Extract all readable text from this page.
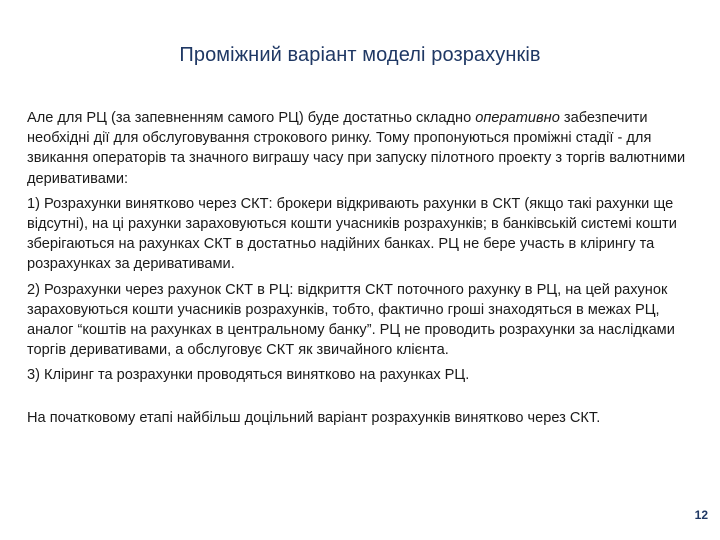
Проміжний варіант моделі розрахунків

Але для РЦ (за запевненням самого РЦ) буде достатньо складно оперативно забезпечити необхідні дії для обслуговування строкового ринку. Тому пропонуються проміжні стадії - для звикання операторів та значного виграшу часу при запуску пілотного проекту з торгів валютними деривативами:

1) Розрахунки винятково через СКТ: брокери відкривають рахунки в СКТ (якщо такі рахунки ще відсутні), на ці рахунки зараховуються кошти учасників розрахунків; в банківській системі кошти зберігаються на рахунках СКТ в достатньо надійних банках. РЦ не бере участь в клірингу та розрахунках за деривативами.

2) Розрахунки через рахунок СКТ в РЦ: відкриття СКТ поточного рахунку в РЦ, на цей рахунок зараховуються кошти учасників розрахунків, тобто, фактично гроші знаходяться в межах РЦ, аналог “коштів на рахунках в центральному банку”. РЦ не проводить розрахунки за наслідками торгів деривативами, а обслуговує СКТ як звичайного клієнта.

3) Кліринг та розрахунки проводяться винятково на рахунках РЦ.

На початковому етапі найбільш доцільний варіант розрахунків винятково через СКТ.

12
